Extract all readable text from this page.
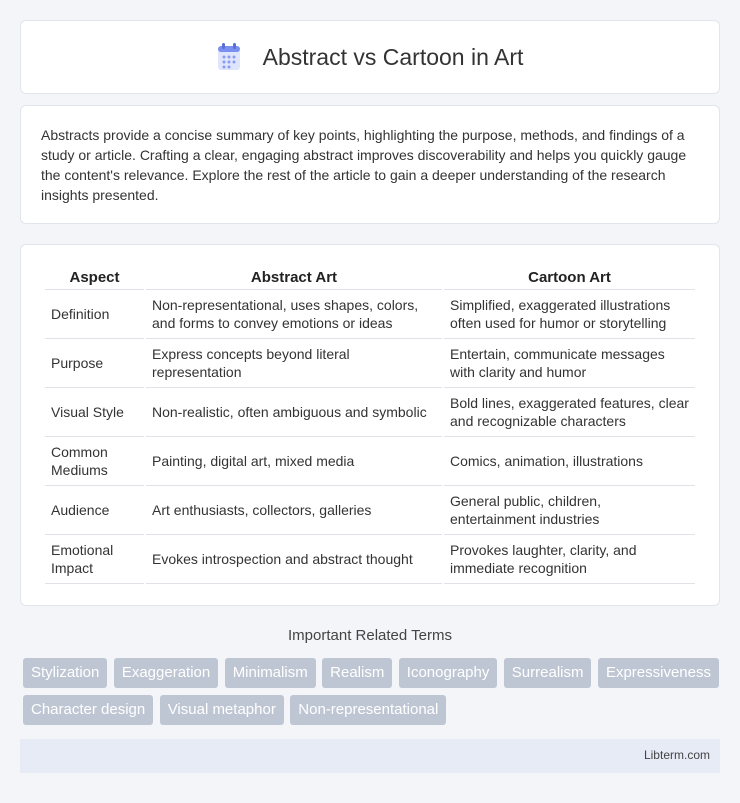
Abstract vs Cartoon in Art

Abstracts provide a concise summary of key points, highlighting the purpose, methods, and findings of a study or article. Crafting a clear, engaging abstract improves discoverability and helps you quickly gauge the content's relevance. Explore the rest of the article to gain a deeper understanding of the research insights presented.

Aspect	Abstract Art	Cartoon Art
Definition	Non-representational, uses shapes, colors, and forms to convey emotions or ideas	Simplified, exaggerated illustrations often used for humor or storytelling
Purpose	Express concepts beyond literal representation	Entertain, communicate messages with clarity and humor
Visual Style	Non-realistic, often ambiguous and symbolic	Bold lines, exaggerated features, clear and recognizable characters
Common Mediums	Painting, digital art, mixed media	Comics, animation, illustrations
Audience	Art enthusiasts, collectors, galleries	General public, children, entertainment industries
Emotional Impact	Evokes introspection and abstract thought	Provokes laughter, clarity, and immediate recognition
Important Related Terms
Stylization Exaggeration Minimalism Realism Iconography Surrealism Expressiveness Character design Visual metaphor Non-representational
Libterm.com
